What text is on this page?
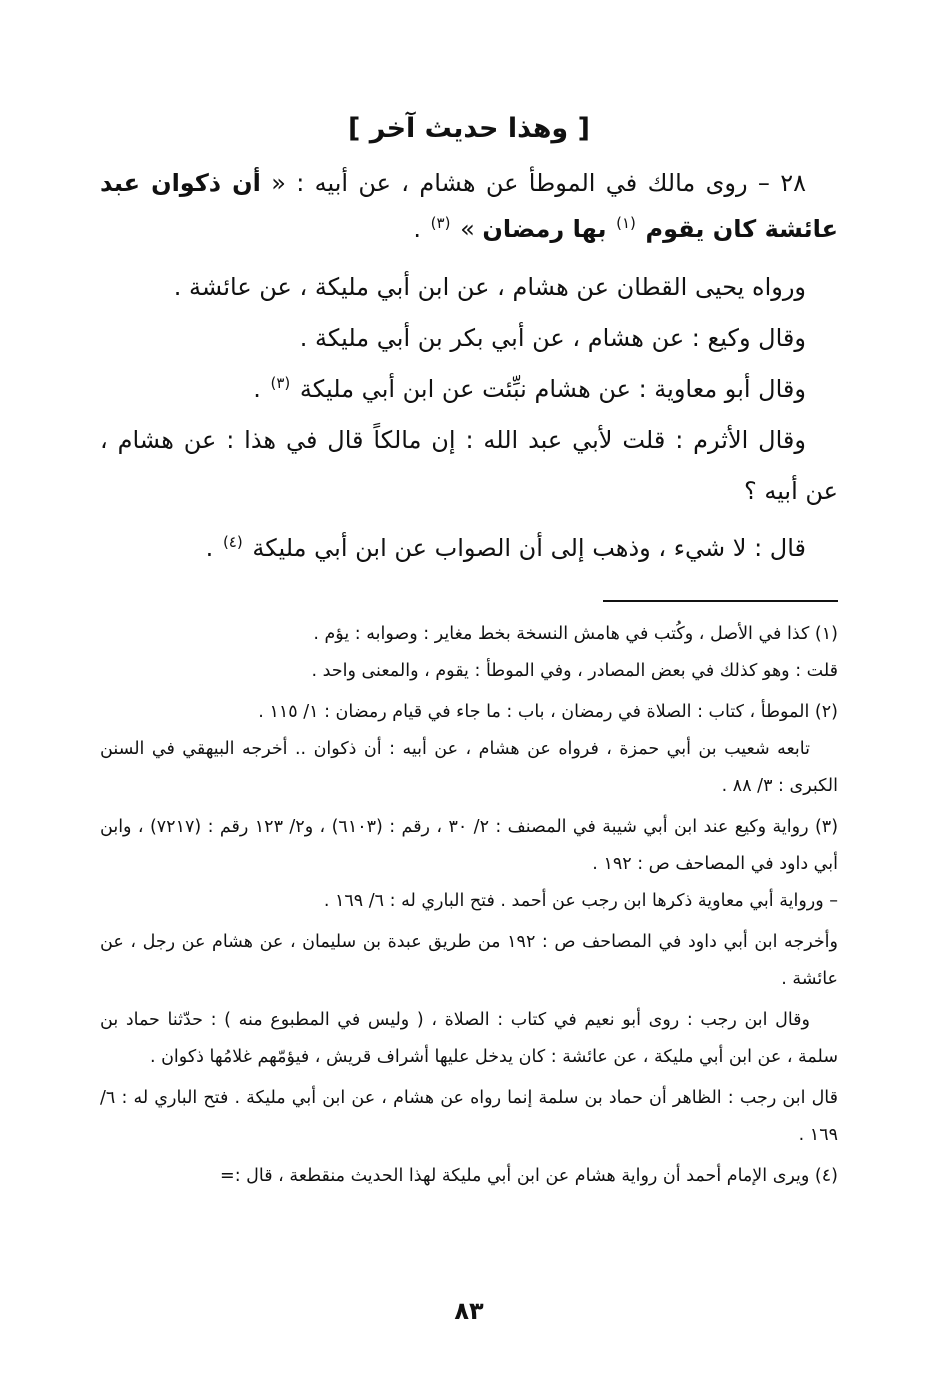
[ وهذا حديث آخر ]

٢٨ – روى مالك في الموطأ عن هشام ، عن أبيه : « أن ذكوان عبد عائشة كان يقوم $^{(١)}$ بها رمضان » $^{(٣)}$ .

ورواه يحيى القطان عن هشام ، عن ابن أبي مليكة ، عن عائشة .

وقال وكيع : عن هشام ، عن أبي بكر بن أبي مليكة .

وقال أبو معاوية : عن هشام نبِّئت عن ابن أبي مليكة $^{(٣)}$ .

وقال الأثرم : قلت لأبي عبد الله : إن مالكاً قال في هذا : عن هشام ، عن أبيه ؟

قال : لا شيء ، وذهب إلى أن الصواب عن ابن أبي مليكة $^{(٤)}$ .

(١) كذا في الأصل ، وكُتب في هامش النسخة بخط مغاير : وصوابه : يؤم .

قلت : وهو كذلك في بعض المصادر ، وفي الموطأ : يقوم ، والمعنى واحد .

(٢) الموطأ ، كتاب : الصلاة في رمضان ، باب : ما جاء في قيام رمضان : ١/ ١١٥ .

تابعه شعيب بن أبي حمزة ، فرواه عن هشام ، عن أبيه : أن ذكوان .. أخرجه البيهقي في السنن الكبرى : ٣/ ٨٨ .

(٣) رواية وكيع عند ابن أبي شيبة في المصنف : ٢/ ٣٠ ، رقم : (٦١٠٣) ، و٢/ ١٢٣ رقم : (٧٢١٧) ، وابن أبي داود في المصاحف ص : ١٩٢ .

– ورواية أبي معاوية ذكرها ابن رجب عن أحمد . فتح الباري له : ٦/ ١٦٩ .

وأخرجه ابن أبي داود في المصاحف ص : ١٩٢ من طريق عبدة بن سليمان ، عن هشام عن رجل ، عن عائشة .

وقال ابن رجب : روى أبو نعيم في كتاب : الصلاة ، ( وليس في المطبوع منه ) : حدّثنا حماد بن سلمة ، عن ابن أبي مليكة ، عن عائشة : كان يدخل عليها أشراف قريش ، فيؤمّهم غلامُها ذكوان .

قال ابن رجب : الظاهر أن حماد بن سلمة إنما رواه عن هشام ، عن ابن أبي مليكة . فتح الباري له : ٦/ ١٦٩ .

(٤) ويرى الإمام أحمد أن رواية هشام عن ابن أبي مليكة لهذا الحديث منقطعة ، قال :=

٨٣
